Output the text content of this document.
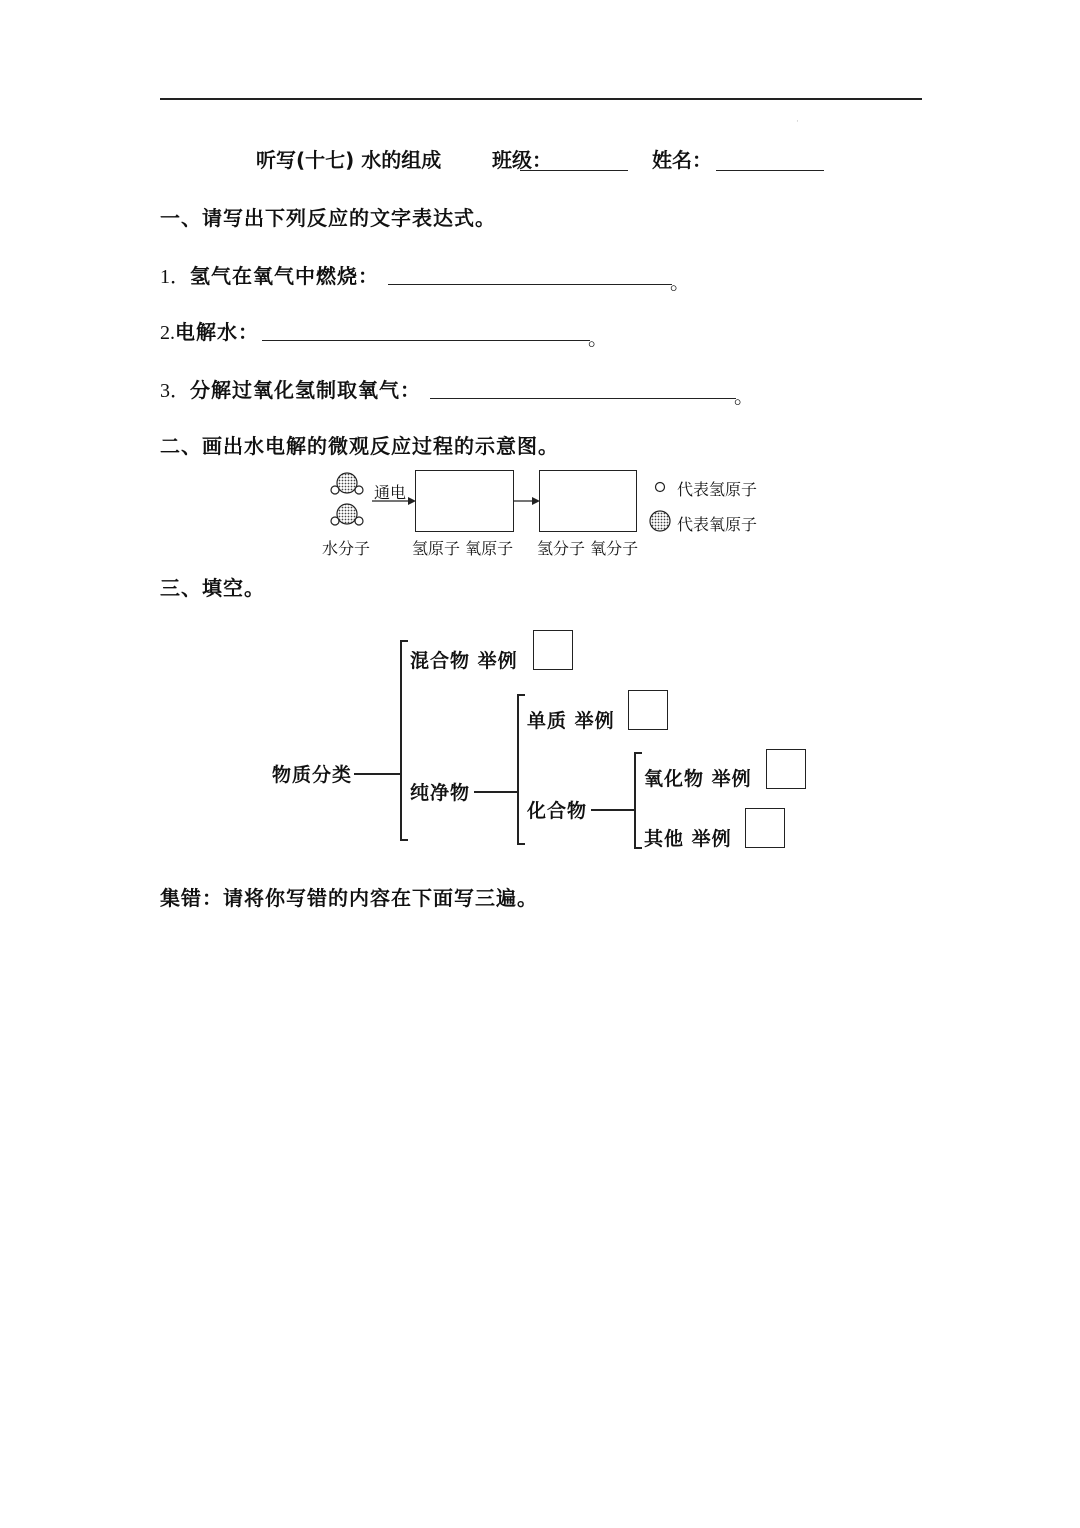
·
听写(十七) 水的组成	班级：	姓名：
一、请写出下列反应的文字表达式。
1．氢气在氧气中燃烧：	。
2.电解水：	。
3．分解过氧化氢制取氧气：	。
二、画出水电解的微观反应过程的示意图。
通电
水分子	氢原子 氧原子 氢分子 氧分子
代表氢原子
代表氧原子
三、填空。
物质分类
混合物 举例
纯净物
单质 举例
化合物
氧化物 举例
其他 举例
集错：请将你写错的内容在下面写三遍。
